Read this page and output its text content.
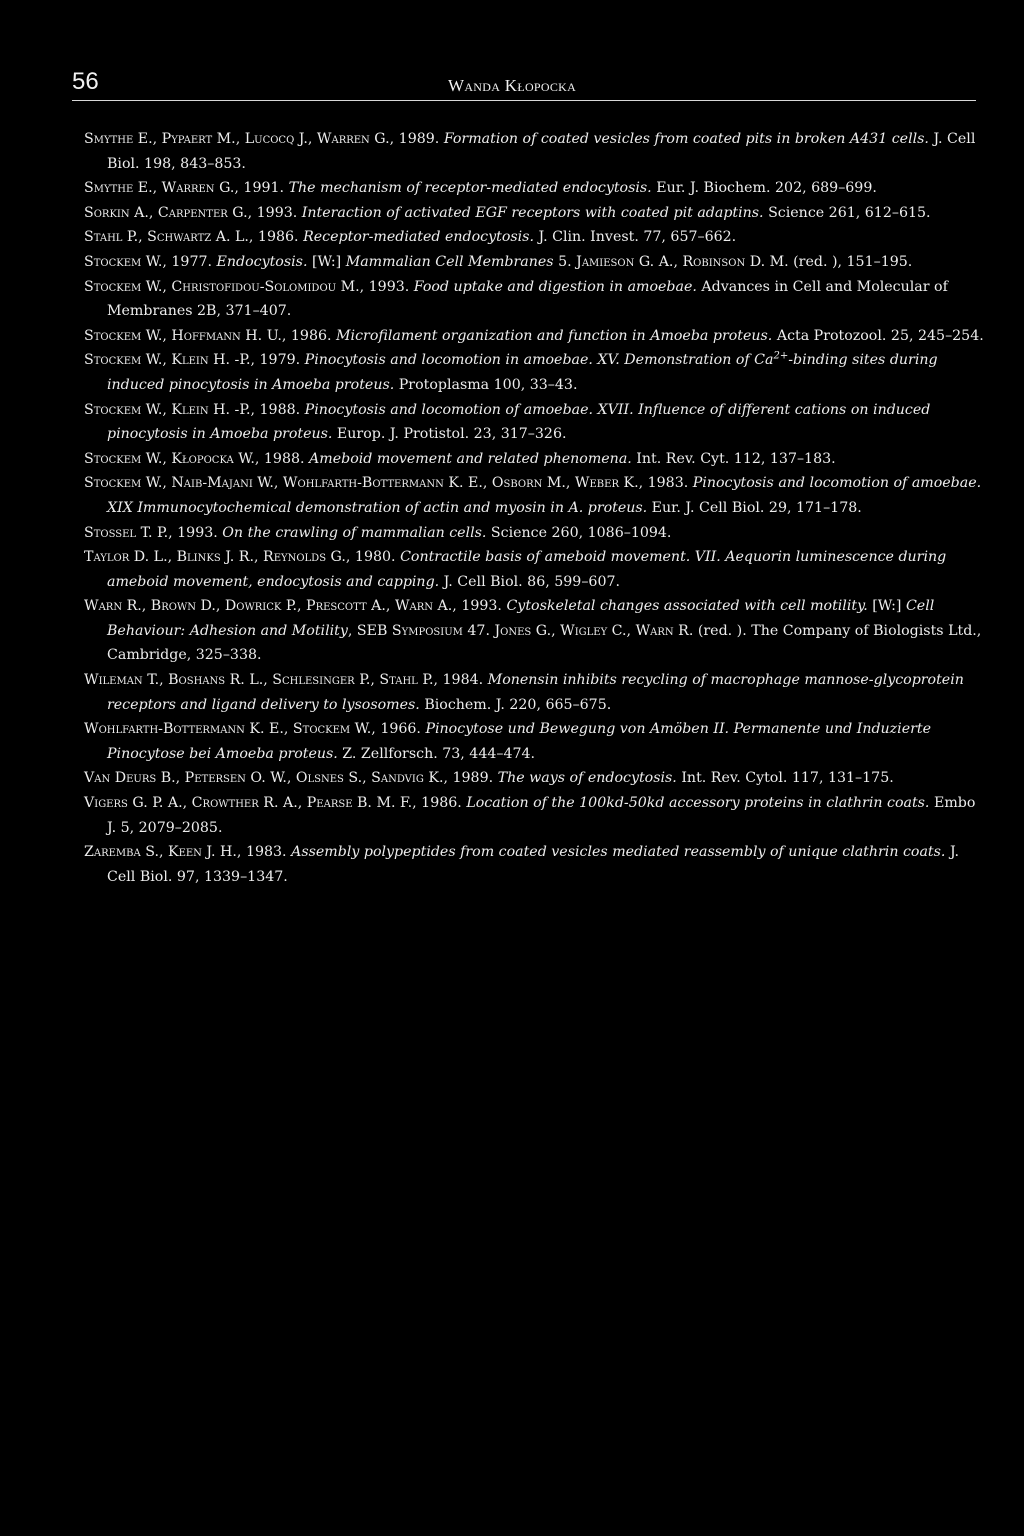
56	Wanda Kłopocka
Smythe E., Pypaert M., Lucocq J., Warren G., 1989. Formation of coated vesicles from coated pits in broken A431 cells. J. Cell Biol. 198, 843–853.
Smythe E., Warren G., 1991. The mechanism of receptor-mediated endocytosis. Eur. J. Biochem. 202, 689–699.
Sorkin A., Carpenter G., 1993. Interaction of activated EGF receptors with coated pit adaptins. Science 261, 612–615.
Stahl P., Schwartz A. L., 1986. Receptor-mediated endocytosis. J. Clin. Invest. 77, 657–662.
Stockem W., 1977. Endocytosis. [W:] Mammalian Cell Membranes 5. Jamieson G. A., Robinson D. M. (red. ), 151–195.
Stockem W., Christofidou-Solomidou M., 1993. Food uptake and digestion in amoebae. Advances in Cell and Molecular of Membranes 2B, 371–407.
Stockem W., Hoffmann H. U., 1986. Microfilament organization and function in Amoeba proteus. Acta Protozool. 25, 245–254.
Stockem W., Klein H. -P., 1979. Pinocytosis and locomotion in amoebae. XV. Demonstration of $Ca^{2+}$-binding sites during induced pinocytosis in Amoeba proteus. Protoplasma 100, 33–43.
Stockem W., Klein H. -P., 1988. Pinocytosis and locomotion of amoebae. XVII. Influence of different cations on induced pinocytosis in Amoeba proteus. Europ. J. Protistol. 23, 317–326.
Stockem W., Kłopocka W., 1988. Ameboid movement and related phenomena. Int. Rev. Cyt. 112, 137–183.
Stockem W., Naib-Majani W., Wohlfarth-Bottermann K. E., Osborn M., Weber K., 1983. Pinocytosis and locomotion of amoebae. XIX Immunocytochemical demonstration of actin and myosin in A. proteus. Eur. J. Cell Biol. 29, 171–178.
Stossel T. P., 1993. On the crawling of mammalian cells. Science 260, 1086–1094.
Taylor D. L., Blinks J. R., Reynolds G., 1980. Contractile basis of ameboid movement. VII. Aequorin luminescence during ameboid movement, endocytosis and capping. J. Cell Biol. 86, 599–607.
Warn R., Brown D., Dowrick P., Prescott A., Warn A., 1993. Cytoskeletal changes associated with cell motility. [W:] Cell Behaviour: Adhesion and Motility, SEB Symposium 47. Jones G., Wigley C., Warn R. (red. ). The Company of Biologists Ltd., Cambridge, 325–338.
Wileman T., Boshans R. L., Schlesinger P., Stahl P., 1984. Monensin inhibits recycling of macrophage mannose-glycoprotein receptors and ligand delivery to lysosomes. Biochem. J. 220, 665–675.
Wohlfarth-Bottermann K. E., Stockem W., 1966. Pinocytose und Bewegung von Amöben II. Permanente und Induzierte Pinocytose bei Amoeba proteus. Z. Zellforsch. 73, 444–474.
Van Deurs B., Petersen O. W., Olsnes S., Sandvig K., 1989. The ways of endocytosis. Int. Rev. Cytol. 117, 131–175.
Vigers G. P. A., Crowther R. A., Pearse B. M. F., 1986. Location of the 100kd-50kd accessory proteins in clathrin coats. Embo J. 5, 2079–2085.
Zaremba S., Keen J. H., 1983. Assembly polypeptides from coated vesicles mediated reassembly of unique clathrin coats. J. Cell Biol. 97, 1339–1347.
